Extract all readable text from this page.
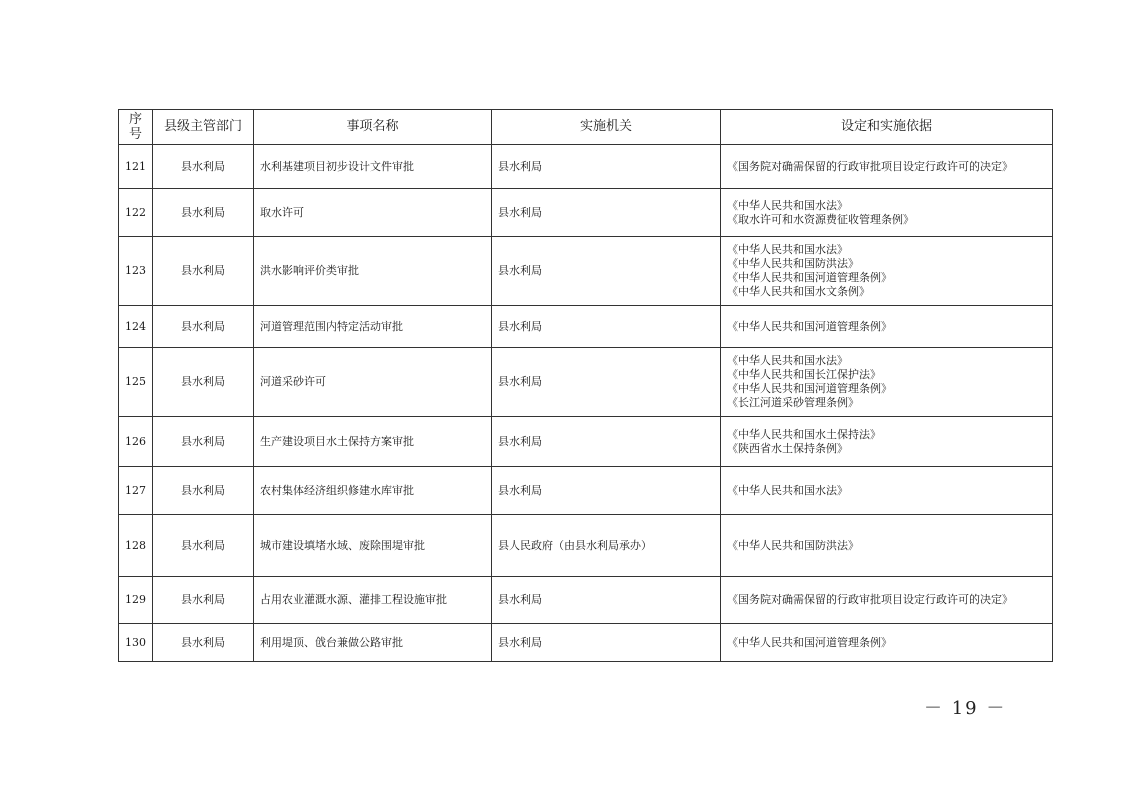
序
号	县级主管部门	事项名称	实施机关	设定和实施依据
121	县水利局	水利基建项目初步设计文件审批	县水利局	《国务院对确需保留的行政审批项目设定行政许可的决定》

122	县水利局	取水许可	县水利局	《中华人民共和国水法》
《取水许可和水资源费征收管理条例》

123	县水利局	洪水影响评价类审批	县水利局	《中华人民共和国水法》
《中华人民共和国防洪法》
《中华人民共和国河道管理条例》
《中华人民共和国水文条例》

124	县水利局	河道管理范围内特定活动审批	县水利局	《中华人民共和国河道管理条例》

125	县水利局	河道采砂许可	县水利局	《中华人民共和国水法》
《中华人民共和国长江保护法》
《中华人民共和国河道管理条例》
《长江河道采砂管理条例》

126	县水利局	生产建设项目水土保持方案审批	县水利局	《中华人民共和国水土保持法》
《陕西省水土保持条例》

127	县水利局	农村集体经济组织修建水库审批	县水利局	《中华人民共和国水法》

128	县水利局	城市建设填堵水域、废除围堤审批	县人民政府（由县水利局承办）	《中华人民共和国防洪法》

129	县水利局	占用农业灌溉水源、灌排工程设施审批	县水利局	《国务院对确需保留的行政审批项目设定行政许可的决定》

130	县水利局	利用堤顶、戗台兼做公路审批	县水利局	《中华人民共和国河道管理条例》
－ 19 －
